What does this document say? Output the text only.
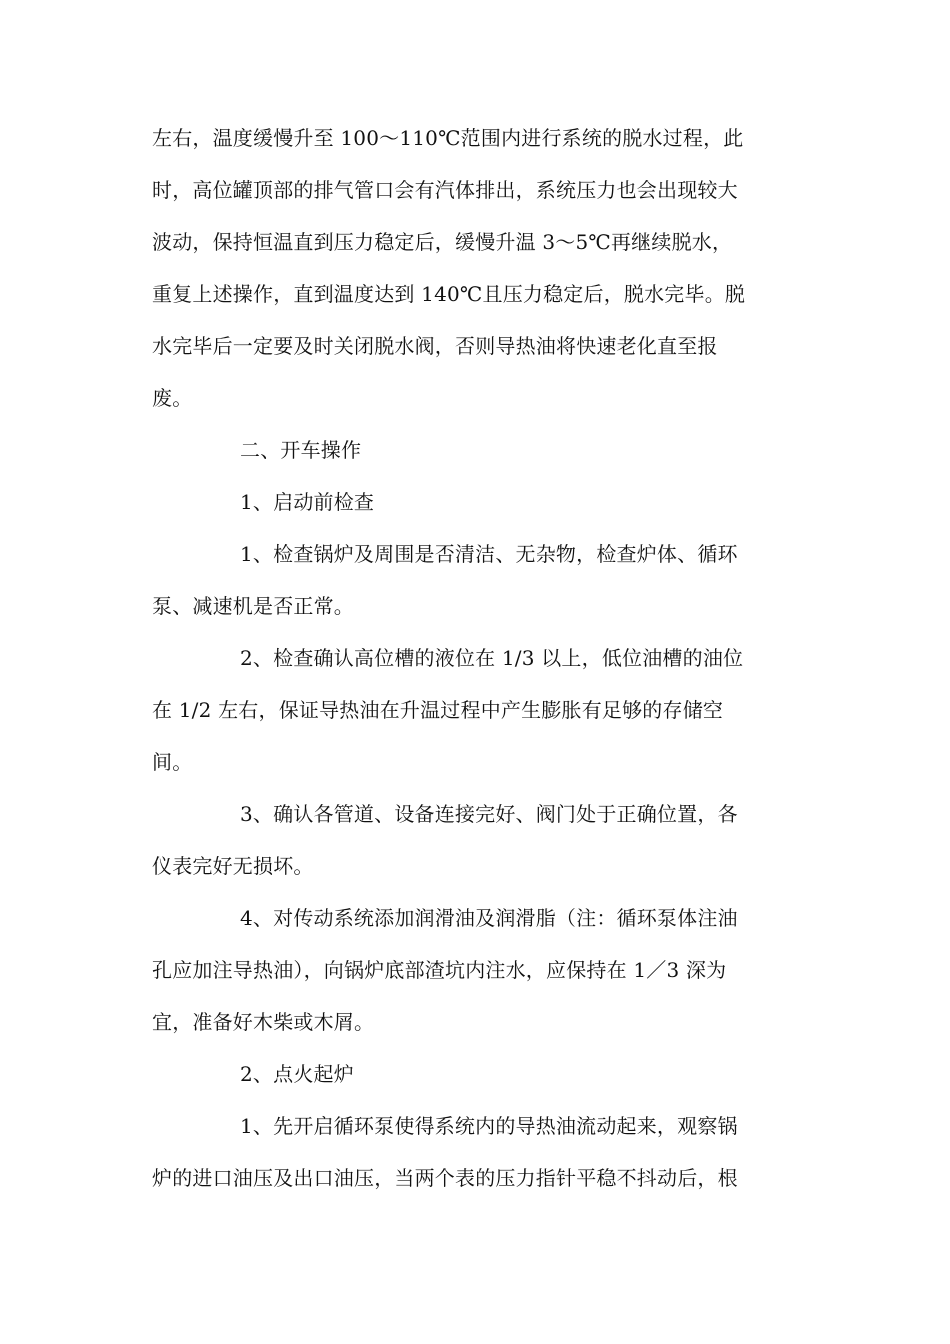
左右，温度缓慢升至 100～110℃范围内进行系统的脱水过程，此
时，高位罐顶部的排气管口会有汽体排出，系统压力也会出现较大
波动，保持恒温直到压力稳定后，缓慢升温 3～5℃再继续脱水，
重复上述操作，直到温度达到 140℃且压力稳定后，脱水完毕。脱
水完毕后一定要及时关闭脱水阀，否则导热油将快速老化直至报
废。
二、开车操作
1、启动前检查
1、检查锅炉及周围是否清洁、无杂物，检查炉体、循环
泵、减速机是否正常。
2、检查确认高位槽的液位在 1/3 以上，低位油槽的油位
在 1/2 左右，保证导热油在升温过程中产生膨胀有足够的存储空
间。
3、确认各管道、设备连接完好、阀门处于正确位置，各
仪表完好无损坏。
4、对传动系统添加润滑油及润滑脂（注：循环泵体注油
孔应加注导热油），向锅炉底部渣坑内注水，应保持在 1／3 深为
宜，准备好木柴或木屑。
2、点火起炉
1、先开启循环泵使得系统内的导热油流动起来，观察锅
炉的进口油压及出口油压，当两个表的压力指针平稳不抖动后，根
